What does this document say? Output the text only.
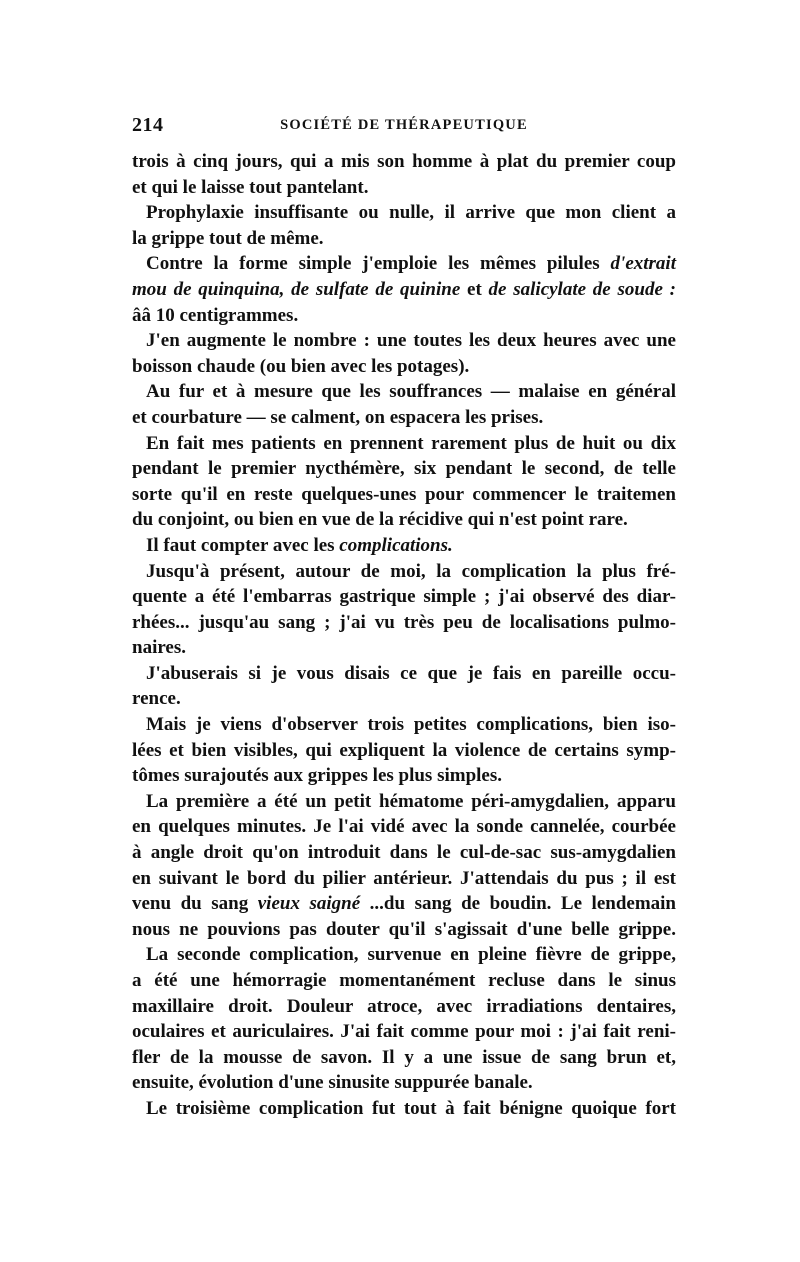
214	SOCIÉTÉ DE THÉRAPEUTIQUE
trois à cinq jours, qui a mis son homme à plat du premier coup
et qui le laisse tout pantelant.
Prophylaxie insuffisante ou nulle, il arrive que mon client a
la grippe tout de même.
Contre la forme simple j'emploie les mêmes pilules d'extrait
mou de quinquina, de sulfate de quinine et de salicylate de soude :
ââ 10 centigrammes.
J'en augmente le nombre : une toutes les deux heures avec une
boisson chaude (ou bien avec les potages).
Au fur et à mesure que les souffrances — malaise en général
et courbature — se calment, on espacera les prises.
En fait mes patients en prennent rarement plus de huit ou dix
pendant le premier nycthémère, six pendant le second, de telle
sorte qu'il en reste quelques-unes pour commencer le traitemen
du conjoint, ou bien en vue de la récidive qui n'est point rare.
Il faut compter avec les complications.
Jusqu'à présent, autour de moi, la complication la plus fré-
quente a été l'embarras gastrique simple ; j'ai observé des diar-
rhées... jusqu'au sang ; j'ai vu très peu de localisations pulmo-
naires.
J'abuserais si je vous disais ce que je fais en pareille occu-
rence.
Mais je viens d'observer trois petites complications, bien iso-
lées et bien visibles, qui expliquent la violence de certains symp-
tômes surajoutés aux grippes les plus simples.
La première a été un petit hématome péri-amygdalien, apparu
en quelques minutes. Je l'ai vidé avec la sonde cannelée, courbée
à angle droit qu'on introduit dans le cul-de-sac sus-amygdalien
en suivant le bord du pilier antérieur. J'attendais du pus ; il est
venu du sang vieux saigné ...du sang de boudin. Le lendemain
nous ne pouvions pas douter qu'il s'agissait d'une belle grippe.
La seconde complication, survenue en pleine fièvre de grippe,
a été une hémorragie momentanément recluse dans le sinus
maxillaire droit. Douleur atroce, avec irradiations dentaires,
oculaires et auriculaires. J'ai fait comme pour moi : j'ai fait reni-
fler de la mousse de savon. Il y a une issue de sang brun et,
ensuite, évolution d'une sinusite suppurée banale.
Le troisième complication fut tout à fait bénigne quoique fort
